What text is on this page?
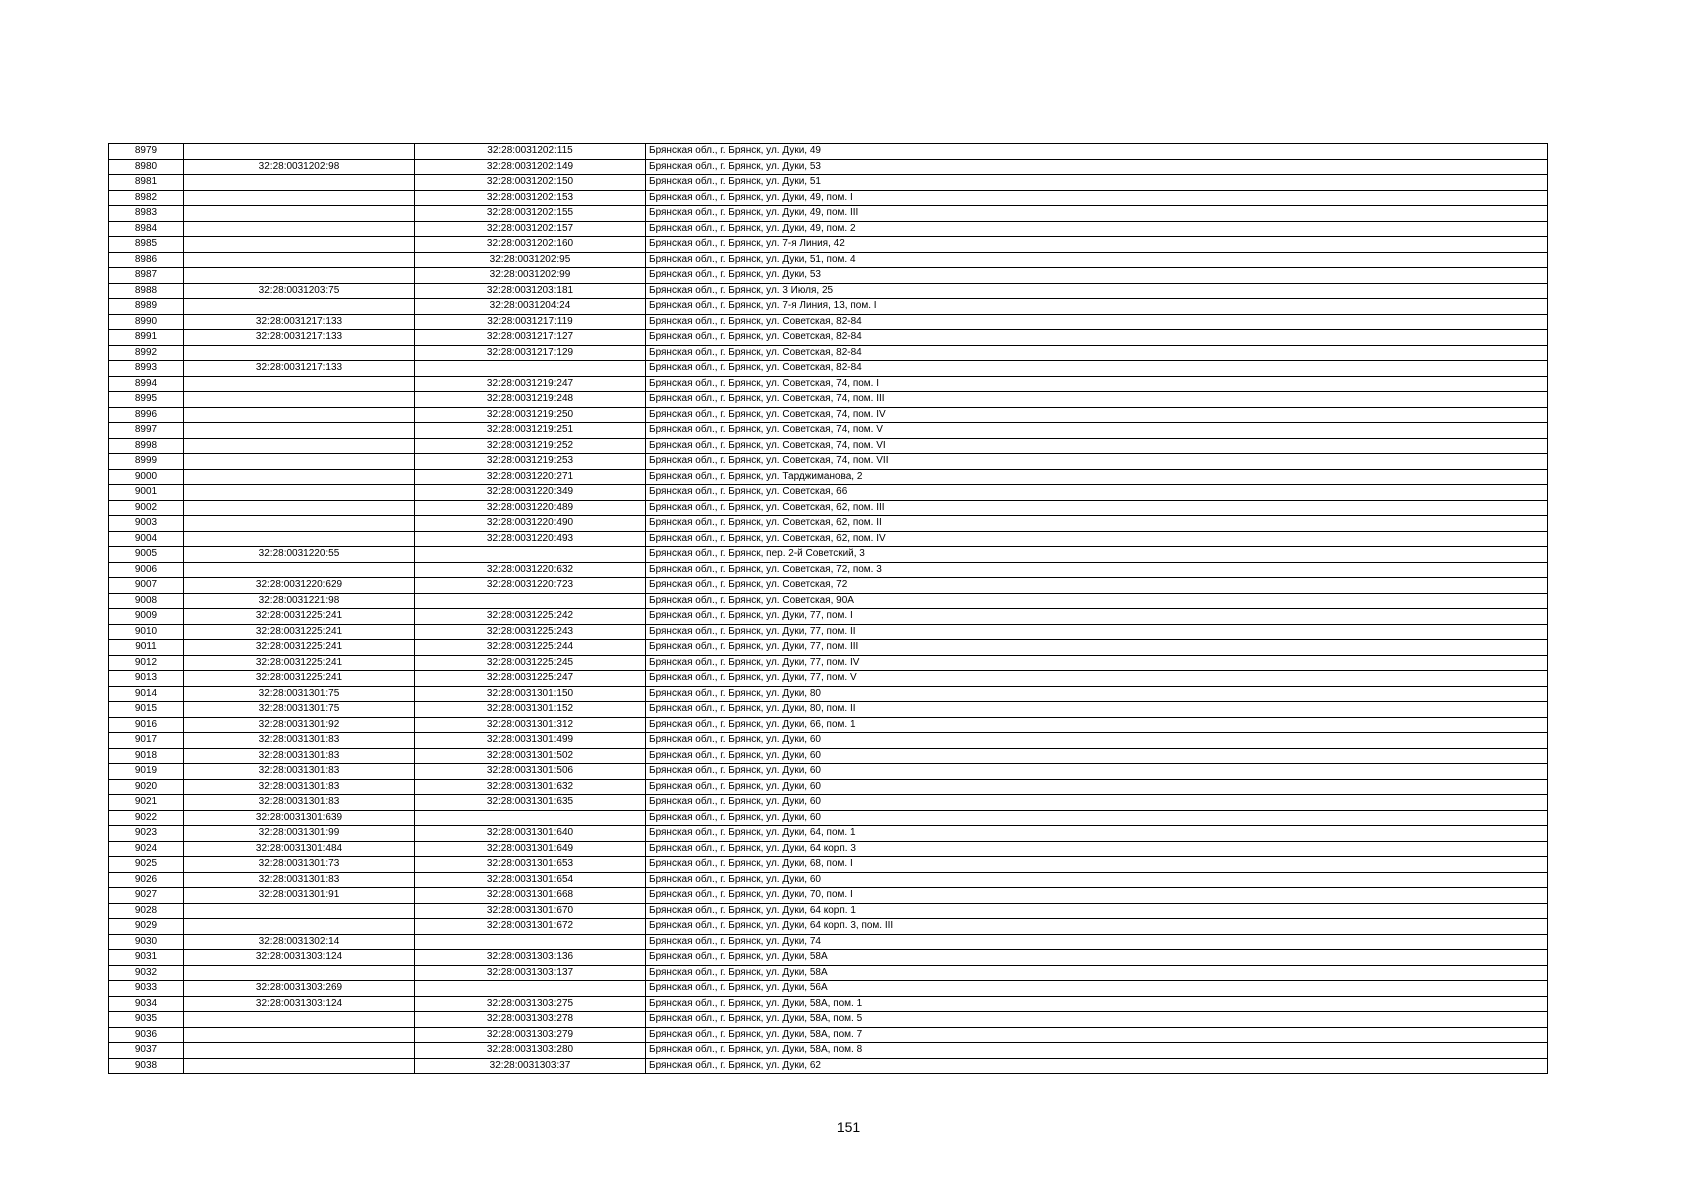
8979		32:28:0031202:115	Брянская обл., г. Брянск, ул. Дуки, 49
8980	32:28:0031202:98	32:28:0031202:149	Брянская обл., г. Брянск, ул. Дуки, 53
8981		32:28:0031202:150	Брянская обл., г. Брянск, ул. Дуки, 51
8982		32:28:0031202:153	Брянская обл., г. Брянск, ул. Дуки, 49, пом. I
8983		32:28:0031202:155	Брянская обл., г. Брянск, ул. Дуки, 49, пом. III
8984		32:28:0031202:157	Брянская обл., г. Брянск, ул. Дуки, 49, пом. 2
8985		32:28:0031202:160	Брянская обл., г. Брянск, ул. 7-я Линия, 42
8986		32:28:0031202:95	Брянская обл., г. Брянск, ул. Дуки, 51, пом. 4
8987		32:28:0031202:99	Брянская обл., г. Брянск, ул. Дуки, 53
8988	32:28:0031203:75	32:28:0031203:181	Брянская обл., г. Брянск, ул. 3 Июля, 25
8989		32:28:0031204:24	Брянская обл., г. Брянск, ул. 7-я Линия, 13, пом. I
8990	32:28:0031217:133	32:28:0031217:119	Брянская обл., г. Брянск, ул. Советская, 82-84
8991	32:28:0031217:133	32:28:0031217:127	Брянская обл., г. Брянск, ул. Советская, 82-84
8992		32:28:0031217:129	Брянская обл., г. Брянск, ул. Советская, 82-84
8993	32:28:0031217:133		Брянская обл., г. Брянск, ул. Советская, 82-84
8994		32:28:0031219:247	Брянская обл., г. Брянск, ул. Советская, 74, пом. I
8995		32:28:0031219:248	Брянская обл., г. Брянск, ул. Советская, 74, пом. III
8996		32:28:0031219:250	Брянская обл., г. Брянск, ул. Советская, 74, пом. IV
8997		32:28:0031219:251	Брянская обл., г. Брянск, ул. Советская, 74, пом. V
8998		32:28:0031219:252	Брянская обл., г. Брянск, ул. Советская, 74, пом. VI
8999		32:28:0031219:253	Брянская обл., г. Брянск, ул. Советская, 74, пом. VII
9000		32:28:0031220:271	Брянская обл., г. Брянск, ул. Тарджиманова, 2
9001		32:28:0031220:349	Брянская обл., г. Брянск, ул. Советская, 66
9002		32:28:0031220:489	Брянская обл., г. Брянск, ул. Советская, 62, пом. III
9003		32:28:0031220:490	Брянская обл., г. Брянск, ул. Советская, 62, пом. II
9004		32:28:0031220:493	Брянская обл., г. Брянск, ул. Советская, 62, пом. IV
9005	32:28:0031220:55		Брянская обл., г. Брянск, пер. 2-й Советский, 3
9006		32:28:0031220:632	Брянская обл., г. Брянск, ул. Советская, 72, пом. 3
9007	32:28:0031220:629	32:28:0031220:723	Брянская обл., г. Брянск, ул. Советская, 72
9008	32:28:0031221:98		Брянская обл., г. Брянск, ул. Советская, 90А
9009	32:28:0031225:241	32:28:0031225:242	Брянская обл., г. Брянск, ул. Дуки, 77, пом. I
9010	32:28:0031225:241	32:28:0031225:243	Брянская обл., г. Брянск, ул. Дуки, 77, пом. II
9011	32:28:0031225:241	32:28:0031225:244	Брянская обл., г. Брянск, ул. Дуки, 77, пом. III
9012	32:28:0031225:241	32:28:0031225:245	Брянская обл., г. Брянск, ул. Дуки, 77, пом. IV
9013	32:28:0031225:241	32:28:0031225:247	Брянская обл., г. Брянск, ул. Дуки, 77, пом. V
9014	32:28:0031301:75	32:28:0031301:150	Брянская обл., г. Брянск, ул. Дуки, 80
9015	32:28:0031301:75	32:28:0031301:152	Брянская обл., г. Брянск, ул. Дуки, 80, пом. II
9016	32:28:0031301:92	32:28:0031301:312	Брянская обл., г. Брянск, ул. Дуки, 66, пом. 1
9017	32:28:0031301:83	32:28:0031301:499	Брянская обл., г. Брянск, ул. Дуки, 60
9018	32:28:0031301:83	32:28:0031301:502	Брянская обл., г. Брянск, ул. Дуки, 60
9019	32:28:0031301:83	32:28:0031301:506	Брянская обл., г. Брянск, ул. Дуки, 60
9020	32:28:0031301:83	32:28:0031301:632	Брянская обл., г. Брянск, ул. Дуки, 60
9021	32:28:0031301:83	32:28:0031301:635	Брянская обл., г. Брянск, ул. Дуки, 60
9022	32:28:0031301:639		Брянская обл., г. Брянск, ул. Дуки, 60
9023	32:28:0031301:99	32:28:0031301:640	Брянская обл., г. Брянск, ул. Дуки, 64, пом. 1
9024	32:28:0031301:484	32:28:0031301:649	Брянская обл., г. Брянск, ул. Дуки, 64 корп. 3
9025	32:28:0031301:73	32:28:0031301:653	Брянская обл., г. Брянск, ул. Дуки, 68, пом. I
9026	32:28:0031301:83	32:28:0031301:654	Брянская обл., г. Брянск, ул. Дуки, 60
9027	32:28:0031301:91	32:28:0031301:668	Брянская обл., г. Брянск, ул. Дуки, 70, пом. I
9028		32:28:0031301:670	Брянская обл., г. Брянск, ул. Дуки, 64 корп. 1
9029		32:28:0031301:672	Брянская обл., г. Брянск, ул. Дуки, 64 корп. 3, пом. III
9030	32:28:0031302:14		Брянская обл., г. Брянск, ул. Дуки, 74
9031	32:28:0031303:124	32:28:0031303:136	Брянская обл., г. Брянск, ул. Дуки, 58А
9032		32:28:0031303:137	Брянская обл., г. Брянск, ул. Дуки, 58А
9033	32:28:0031303:269		Брянская обл., г. Брянск, ул. Дуки, 56А
9034	32:28:0031303:124	32:28:0031303:275	Брянская обл., г. Брянск, ул. Дуки, 58А, пом. 1
9035		32:28:0031303:278	Брянская обл., г. Брянск, ул. Дуки, 58А, пом. 5
9036		32:28:0031303:279	Брянская обл., г. Брянск, ул. Дуки, 58А, пом. 7
9037		32:28:0031303:280	Брянская обл., г. Брянск, ул. Дуки, 58А, пом. 8
9038		32:28:0031303:37	Брянская обл., г. Брянск, ул. Дуки, 62
151
